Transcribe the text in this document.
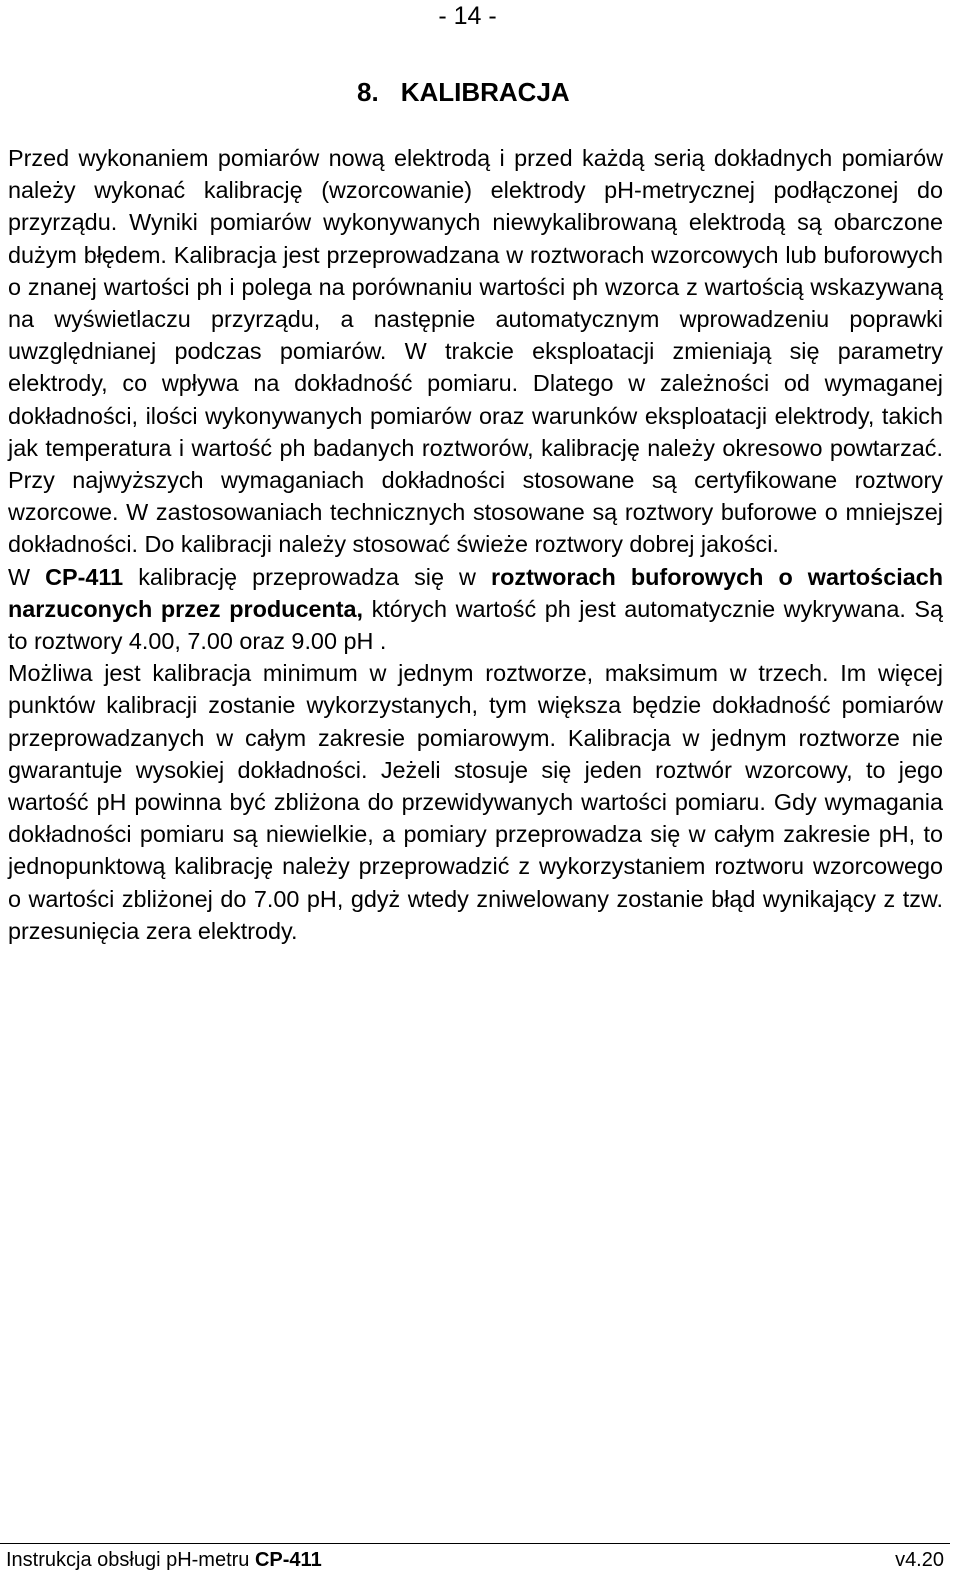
- 14 -
8. KALIBRACJA

Przed wykonaniem pomiarów nową elektrodą i przed każdą serią dokładnych pomiarów należy wykonać kalibrację (wzorcowanie) elektrody pH-metrycznej podłączonej do przyrządu. Wyniki pomiarów wykonywanych niewykalibrowaną elektrodą są obarczone dużym błędem. Kalibracja jest przeprowadzana w roztworach wzorcowych lub buforowych o znanej wartości ph i polega na porównaniu wartości ph wzorca z wartością wskazywaną na wyświetlaczu przyrządu, a następnie automatycznym wprowadzeniu poprawki uwzględnianej podczas pomiarów. W trakcie eksploatacji zmieniają się parametry elektrody, co wpływa na dokładność pomiaru. Dlatego w zależności od wymaganej dokładności, ilości wykonywanych pomiarów oraz warunków eksploatacji elektrody, takich jak temperatura i wartość ph badanych roztworów, kalibrację należy okresowo powtarzać. Przy najwyższych wymaganiach dokładności stosowane są certyfikowane roztwory wzorcowe. W zastosowaniach technicznych stosowane są roztwory buforowe o mniejszej dokładności. Do kalibracji należy stosować świeże roztwory dobrej jakości.

W CP-411 kalibrację przeprowadza się w roztworach buforowych o wartościach narzuconych przez producenta, których wartość ph jest automatycznie wykrywana. Są to roztwory 4.00, 7.00 oraz 9.00 pH .

Możliwa jest kalibracja minimum w jednym roztworze, maksimum w trzech. Im więcej punktów kalibracji zostanie wykorzystanych, tym większa będzie dokładność pomiarów przeprowadzanych w całym zakresie pomiarowym. Kalibracja w jednym roztworze nie gwarantuje wysokiej dokładności. Jeżeli stosuje się jeden roztwór wzorcowy, to jego wartość pH powinna być zbliżona do przewidywanych wartości pomiaru. Gdy wymagania dokładności pomiaru są niewielkie, a pomiary przeprowadza się w całym zakresie pH, to jednopunktową kalibrację należy przeprowadzić z wykorzystaniem roztworu wzorcowego o wartości zbliżonej do 7.00 pH, gdyż wtedy zniwelowany zostanie błąd wynikający z tzw. przesunięcia zera elektrody.

Instrukcja obsługi pH-metru CP-411	v4.20
